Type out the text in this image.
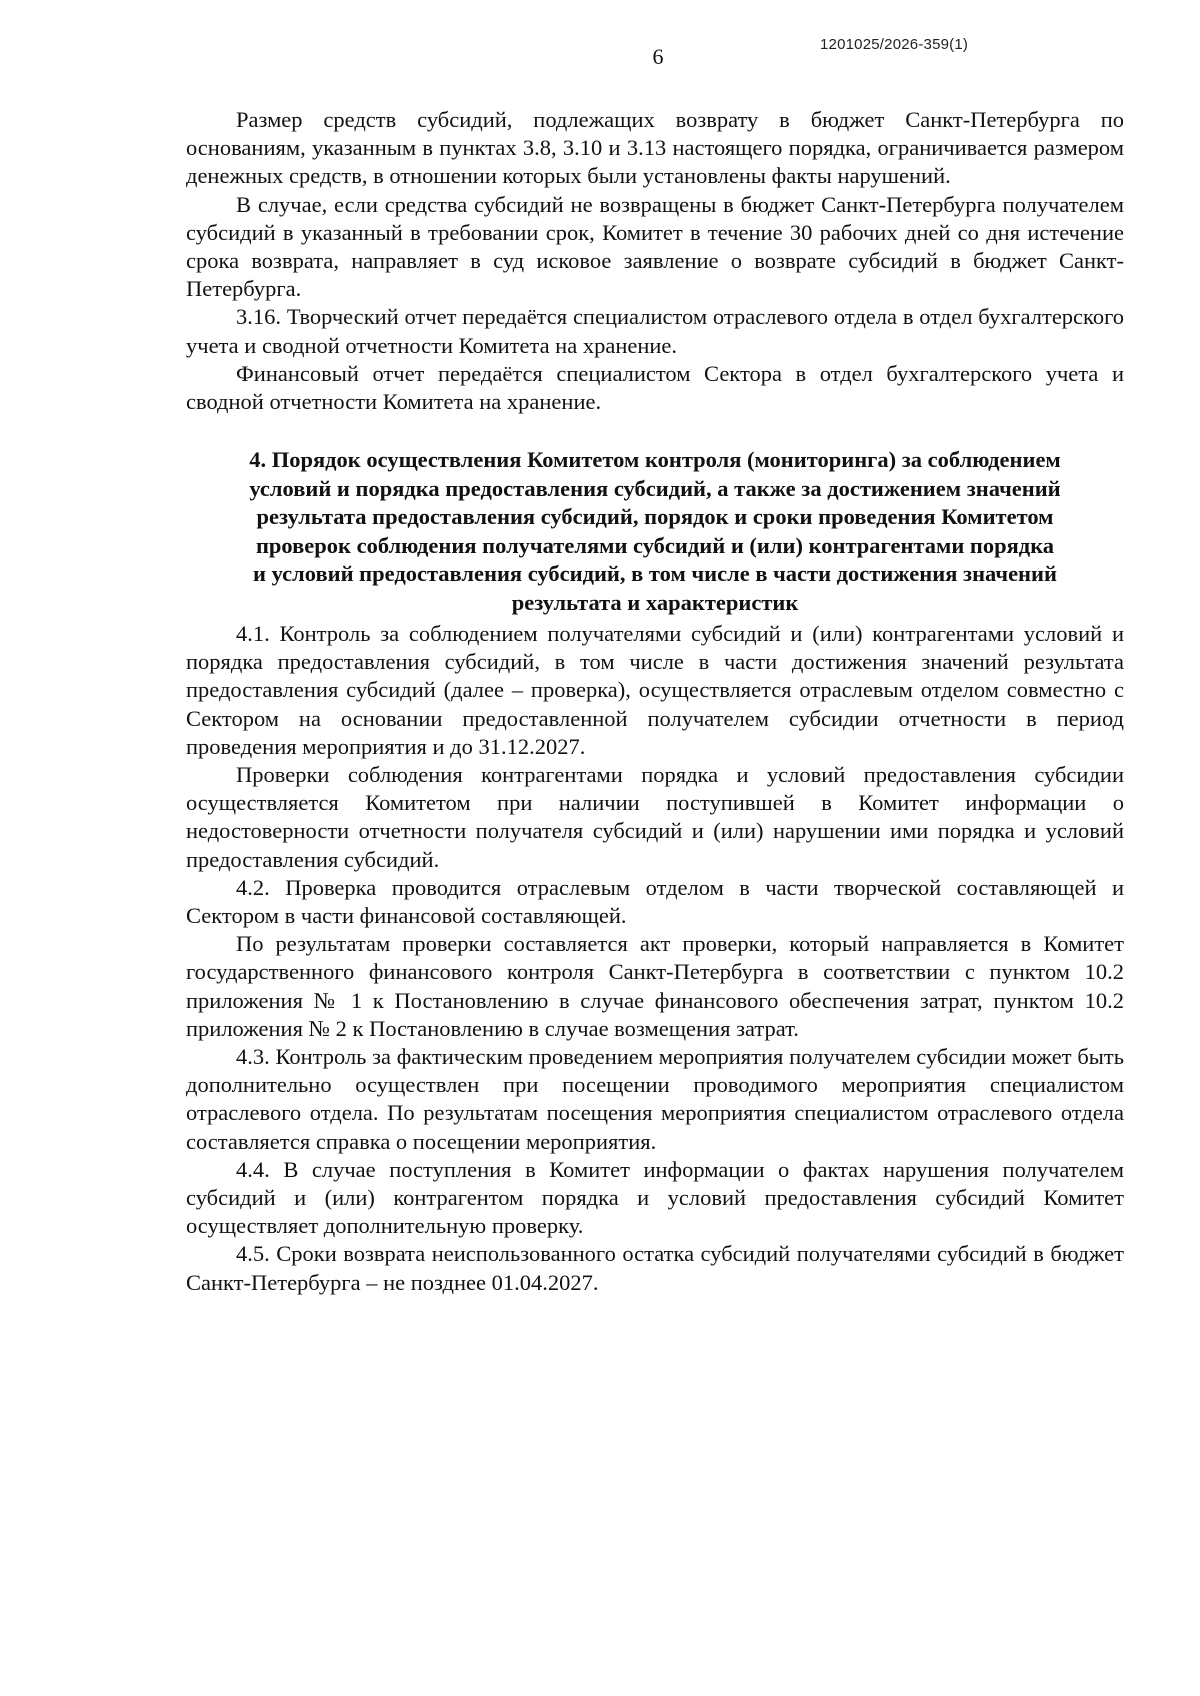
1201025/2026-359(1)
6

Размер средств субсидий, подлежащих возврату в бюджет Санкт-Петербурга по основаниям, указанным в пунктах 3.8, 3.10 и 3.13 настоящего порядка, ограничивается размером денежных средств, в отношении которых были установлены факты нарушений.

В случае, если средства субсидий не возвращены в бюджет Санкт-Петербурга получателем субсидий в указанный в требовании срок, Комитет в течение 30 рабочих дней со дня истечение срока возврата, направляет в суд исковое заявление о возврате субсидий в бюджет Санкт-Петербурга.

3.16. Творческий отчет передаётся специалистом отраслевого отдела в отдел бухгалтерского учета и сводной отчетности Комитета на хранение.

Финансовый отчет передаётся специалистом Сектора в отдел бухгалтерского учета и сводной отчетности Комитета на хранение.

4. Порядок осуществления Комитетом контроля (мониторинга) за соблюдением
условий и порядка предоставления субсидий, а также за достижением значений
результата предоставления субсидий, порядок и сроки проведения Комитетом
проверок соблюдения получателями субсидий и (или) контрагентами порядка
и условий предоставления субсидий, в том числе в части достижения значений
результата и характеристик

4.1. Контроль за соблюдением получателями субсидий и (или) контрагентами условий и порядка предоставления субсидий, в том числе в части достижения значений результата предоставления субсидий (далее – проверка), осуществляется отраслевым отделом совместно с Сектором на основании предоставленной получателем субсидии отчетности в период проведения мероприятия и до 31.12.2027.

Проверки соблюдения контрагентами порядка и условий предоставления субсидии осуществляется Комитетом при наличии поступившей в Комитет информации о недостоверности отчетности получателя субсидий и (или) нарушении ими порядка и условий предоставления субсидий.

4.2. Проверка проводится отраслевым отделом в части творческой составляющей и Сектором в части финансовой составляющей.

По результатам проверки составляется акт проверки, который направляется в Комитет государственного финансового контроля Санкт-Петербурга в соответствии с пунктом 10.2 приложения № 1 к Постановлению в случае финансового обеспечения затрат, пунктом 10.2 приложения № 2 к Постановлению в случае возмещения затрат.

4.3. Контроль за фактическим проведением мероприятия получателем субсидии может быть дополнительно осуществлен при посещении проводимого мероприятия специалистом отраслевого отдела. По результатам посещения мероприятия специалистом отраслевого отдела составляется справка о посещении мероприятия.

4.4. В случае поступления в Комитет информации о фактах нарушения получателем субсидий и (или) контрагентом порядка и условий предоставления субсидий Комитет осуществляет дополнительную проверку.

4.5. Сроки возврата неиспользованного остатка субсидий получателями субсидий в бюджет Санкт-Петербурга – не позднее 01.04.2027.
